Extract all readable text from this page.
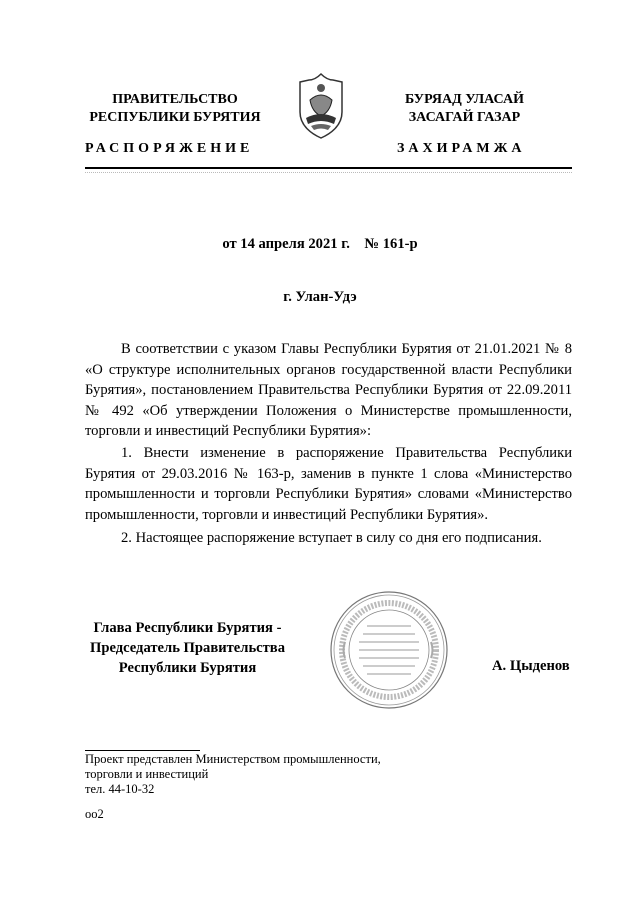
ПРАВИТЕЛЬСТВО
РЕСПУБЛИКИ БУРЯТИЯ
БУРЯАД УЛАСАЙ
ЗАСАГАЙ ГАЗАР
РАСПОРЯЖЕНИЕ	ЗАХИРАМЖА
от 14 апреля 2021 г.    № 161-р
г. Улан-Удэ
В соответствии с указом Главы Республики Бурятия от 21.01.2021 № 8 «О структуре исполнительных органов государственной власти Республики Бурятия», постановлением Правительства Республики Бурятия от 22.09.2011 № 492 «Об утверждении Положения о Министерстве промышленности, торговли и инвестиций Республики Бурятия»:
1. Внести изменение в распоряжение Правительства Республики Бурятия от 29.03.2016 № 163-р, заменив в пункте 1 слова «Министерство промышленности и торговли Республики Бурятия» словами «Министерство промышленности, торговли и инвестиций Республики Бурятия».
2. Настоящее распоряжение вступает в силу со дня его подписания.
Глава Республики Бурятия -
Председатель Правительства
Республики Бурятия	А. Цыденов
Проект представлен Министерством промышленности,
торговли и инвестиций
тел. 44-10-32
оо2
